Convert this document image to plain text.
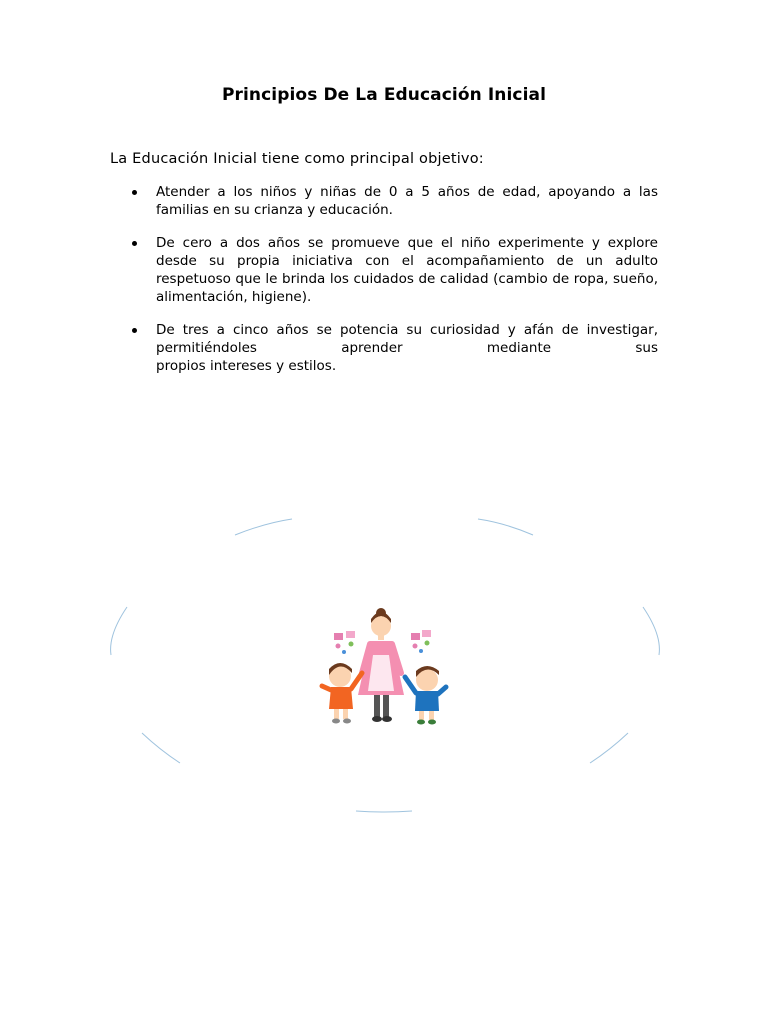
Principios De La Educación Inicial
La Educación Inicial tiene como principal objetivo:
Atender a los niños y niñas de 0 a 5 años de edad, apoyando a las familias en su crianza y educación.
De cero a dos años se promueve que el niño experimente y explore desde su propia iniciativa con el acompañamiento de un adulto respetuoso que le brinda los cuidados de calidad (cambio de ropa, sueño, alimentación, higiene).
De tres a cinco años se potencia su curiosidad y afán de investigar, permitiéndoles aprender mediante sus
propios intereses y estilos.
